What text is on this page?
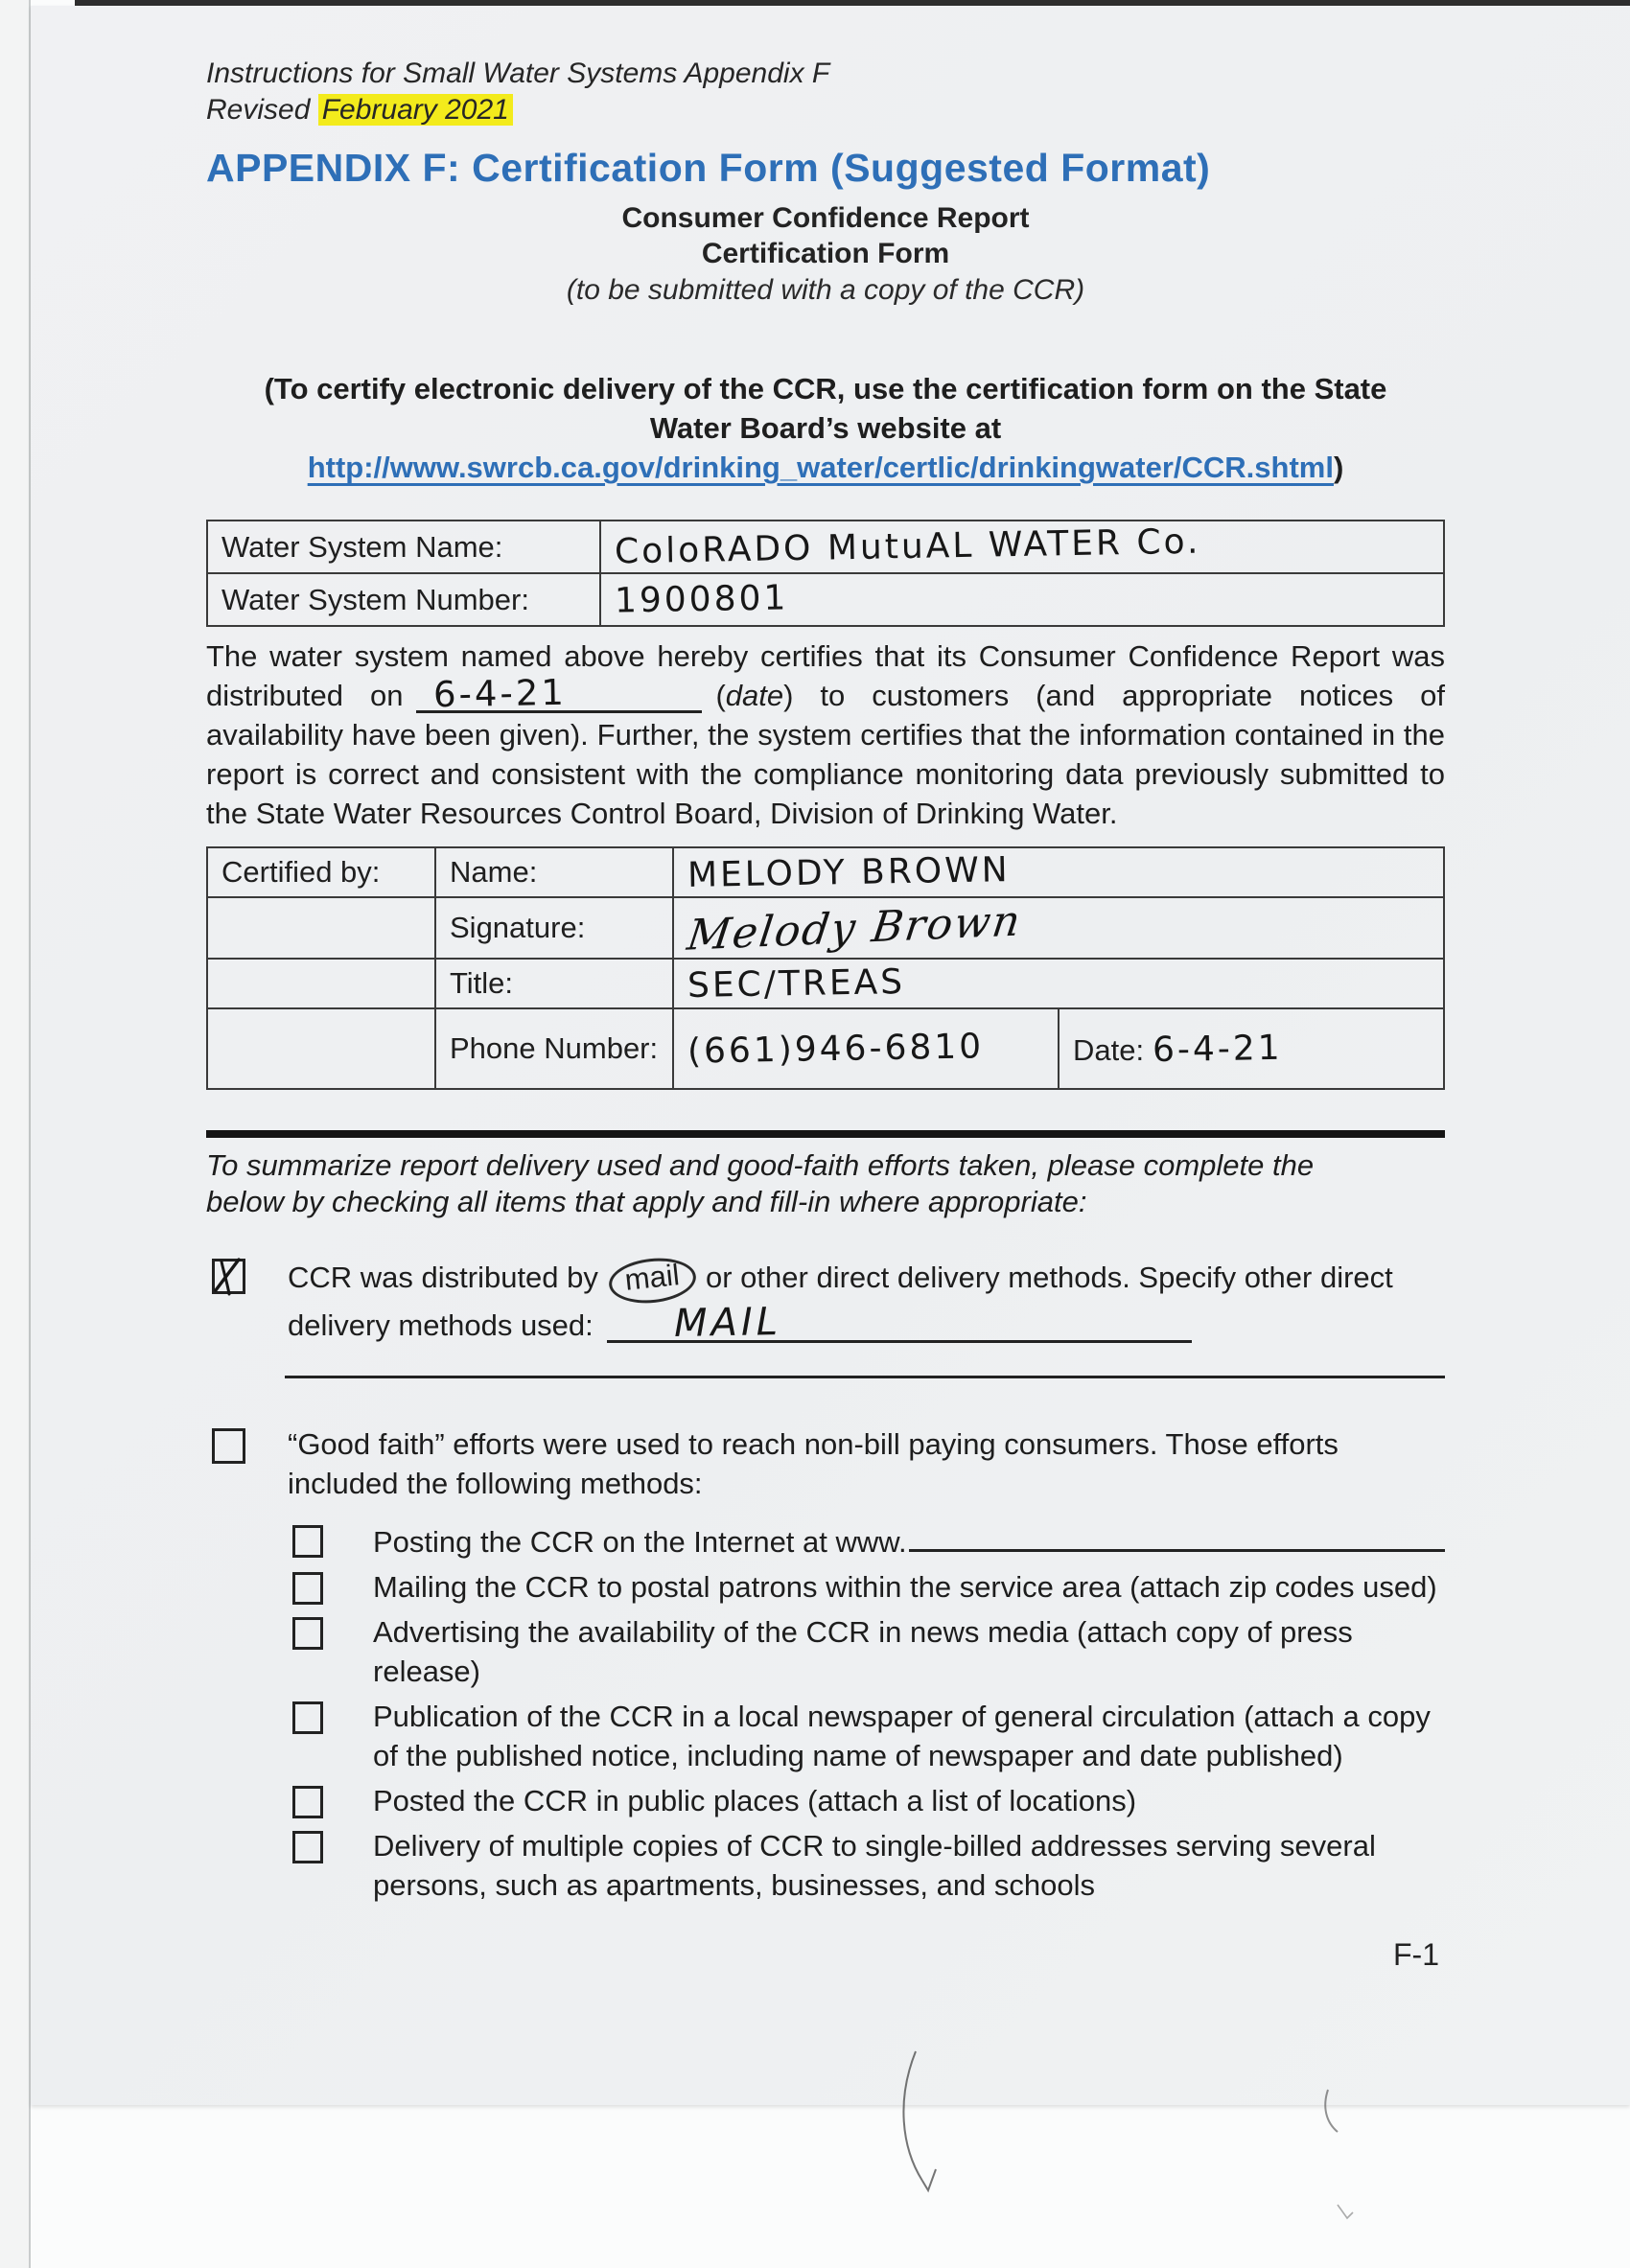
Instructions for Small Water Systems Appendix F
Revised February 2021
APPENDIX F: Certification Form (Suggested Format)
Consumer Confidence Report
Certification Form
(to be submitted with a copy of the CCR)
(To certify electronic delivery of the CCR, use the certification form on the State
Water Board’s website at
http://www.swrcb.ca.gov/drinking_water/certlic/drinkingwater/CCR.shtml)
Water System Name:	ColoRADO MutuAL WATER Co.
Water System Number:	1900801
The water system named above hereby certifies that its Consumer Confidence Report was distributed on 6-4-21	(date) to customers (and appropriate notices of availability have been given). Further, the system certifies that the information contained in the report is correct and consistent with the compliance monitoring data previously submitted to the State Water Resources Control Board, Division of Drinking Water.
Certified by:	Name:	MELODY BROWN	
	Signature:	Melody Brown	
	Title:	SEC/TREAS	
	Phone Number:	(661)946-6810	Date: 6-4-21
To summarize report delivery used and good-faith efforts taken, please complete the
below by checking all items that apply and fill-in where appropriate:
CCR was distributed by mail or other direct delivery methods. Specify other direct delivery methods used: MAIL
“Good faith” efforts were used to reach non-bill paying consumers. Those efforts included the following methods:
Posting the CCR on the Internet at www.
Mailing the CCR to postal patrons within the service area (attach zip codes used)
Advertising the availability of the CCR in news media (attach copy of press release)
Publication of the CCR in a local newspaper of general circulation (attach a copy of the published notice, including name of newspaper and date published)
Posted the CCR in public places (attach a list of locations)
Delivery of multiple copies of CCR to single-billed addresses serving several persons, such as apartments, businesses, and schools
F-1
